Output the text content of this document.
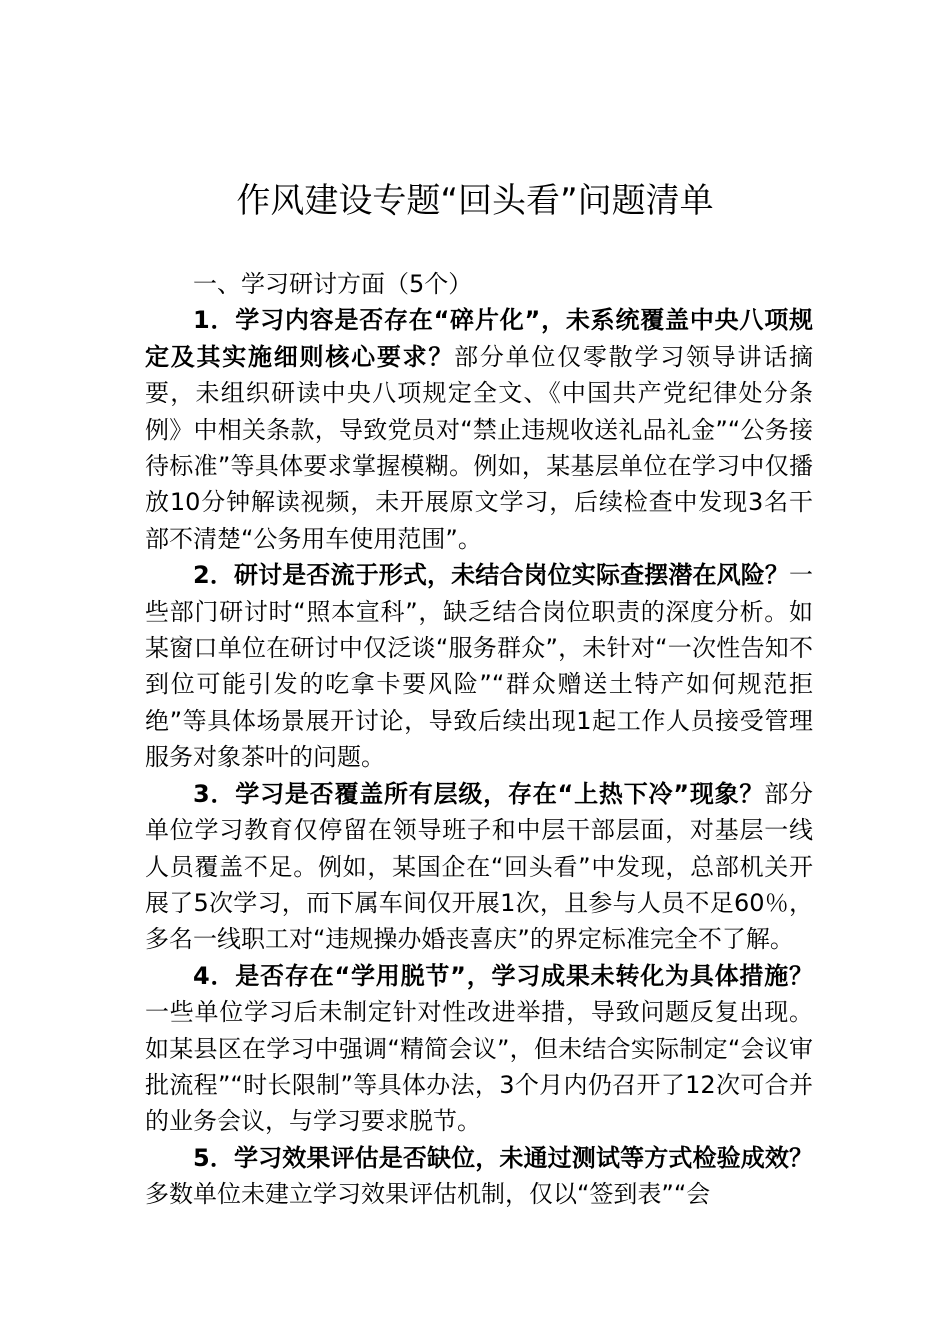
作风建设专题“回头看”问题清单

一、学习研讨方面（5个）

1．学习内容是否存在“碎片化”，未系统覆盖中央八项规定及其实施细则核心要求？部分单位仅零散学习领导讲话摘要，未组织研读中央八项规定全文、《中国共产党纪律处分条例》中相关条款，导致党员对“禁止违规收送礼品礼金”“公务接待标准”等具体要求掌握模糊。例如，某基层单位在学习中仅播放10分钟解读视频，未开展原文学习，后续检查中发现3名干部不清楚“公务用车使用范围”。

2．研讨是否流于形式，未结合岗位实际查摆潜在风险？一些部门研讨时“照本宣科”，缺乏结合岗位职责的深度分析。如某窗口单位在研讨中仅泛谈“服务群众”，未针对“一次性告知不到位可能引发的吃拿卡要风险”“群众赠送土特产如何规范拒绝”等具体场景展开讨论，导致后续出现1起工作人员接受管理服务对象茶叶的问题。

3．学习是否覆盖所有层级，存在“上热下冷”现象？部分单位学习教育仅停留在领导班子和中层干部层面，对基层一线人员覆盖不足。例如，某国企在“回头看”中发现，总部机关开展了5次学习，而下属车间仅开展1次，且参与人员不足60％，多名一线职工对“违规操办婚丧喜庆”的界定标准完全不了解。

4．是否存在“学用脱节”，学习成果未转化为具体措施？一些单位学习后未制定针对性改进举措，导致问题反复出现。如某县区在学习中强调“精简会议”，但未结合实际制定“会议审批流程”“时长限制”等具体办法，3个月内仍召开了12次可合并的业务会议，与学习要求脱节。

5．学习效果评估是否缺位，未通过测试等方式检验成效？多数单位未建立学习效果评估机制，仅以“签到表”“会
